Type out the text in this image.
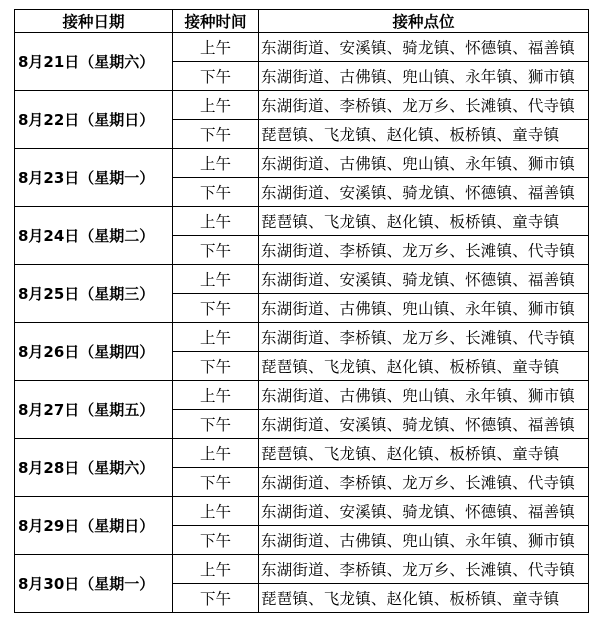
接种日期	接种时间	接种点位
8月21日（星期六）	上午	东湖街道、安溪镇、骑龙镇、怀德镇、福善镇
	下午	东湖街道、古佛镇、兜山镇、永年镇、狮市镇
8月22日（星期日）	上午	东湖街道、李桥镇、龙万乡、长滩镇、代寺镇
	下午	琵琶镇、飞龙镇、赵化镇、板桥镇、童寺镇
8月23日（星期一）	上午	东湖街道、古佛镇、兜山镇、永年镇、狮市镇
	下午	东湖街道、安溪镇、骑龙镇、怀德镇、福善镇
8月24日（星期二）	上午	琵琶镇、飞龙镇、赵化镇、板桥镇、童寺镇
	下午	东湖街道、李桥镇、龙万乡、长滩镇、代寺镇
8月25日（星期三）	上午	东湖街道、安溪镇、骑龙镇、怀德镇、福善镇
	下午	东湖街道、古佛镇、兜山镇、永年镇、狮市镇
8月26日（星期四）	上午	东湖街道、李桥镇、龙万乡、长滩镇、代寺镇
	下午	琵琶镇、飞龙镇、赵化镇、板桥镇、童寺镇
8月27日（星期五）	上午	东湖街道、古佛镇、兜山镇、永年镇、狮市镇
	下午	东湖街道、安溪镇、骑龙镇、怀德镇、福善镇
8月28日（星期六）	上午	琵琶镇、飞龙镇、赵化镇、板桥镇、童寺镇
	下午	东湖街道、李桥镇、龙万乡、长滩镇、代寺镇
8月29日（星期日）	上午	东湖街道、安溪镇、骑龙镇、怀德镇、福善镇
	下午	东湖街道、古佛镇、兜山镇、永年镇、狮市镇
8月30日（星期一）	上午	东湖街道、李桥镇、龙万乡、长滩镇、代寺镇
	下午	琵琶镇、飞龙镇、赵化镇、板桥镇、童寺镇
